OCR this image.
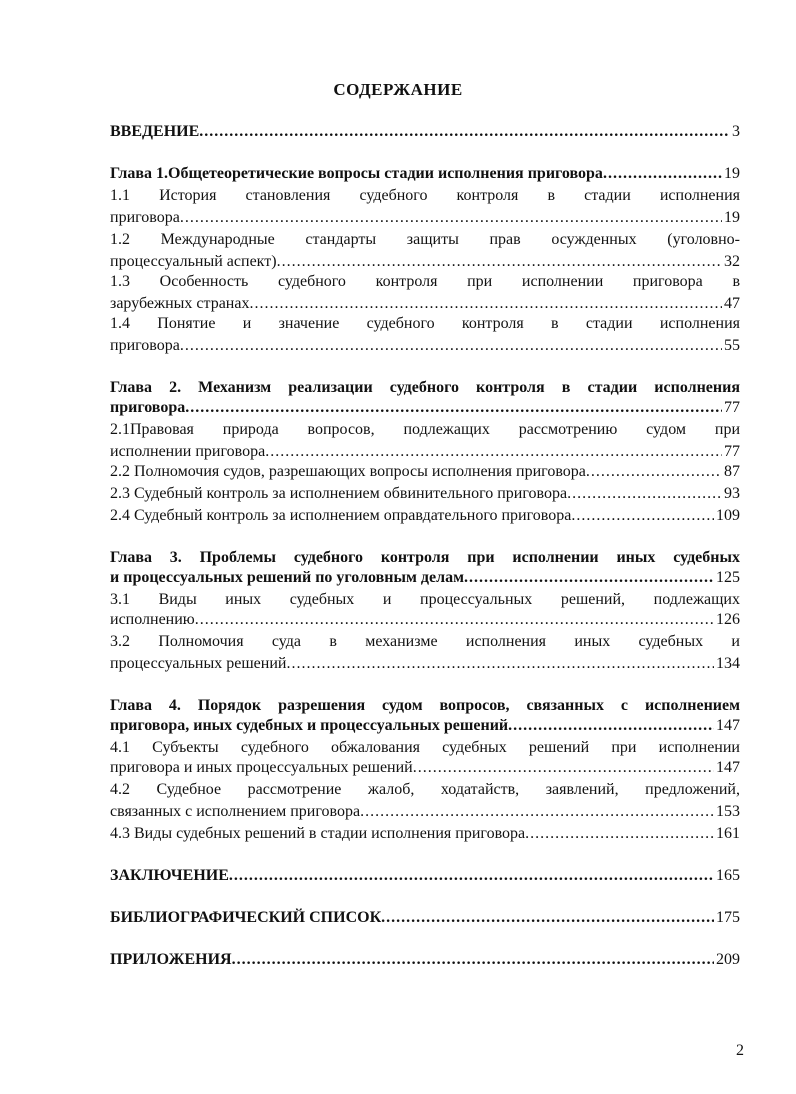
СОДЕРЖАНИЕ
ВВЕДЕНИЕ .....	3
Глава 1.Общетеоретические вопросы стадии исполнения приговора .....	19
1.1 История становления судебного контроля в стадии исполнения
приговора .....	19
1.2 Международные стандарты защиты прав осужденных (уголовно-
процессуальный аспект) .....	32
1.3 Особенность судебного контроля при исполнении приговора в
зарубежных странах .....	47
1.4 Понятие и значение судебного контроля в стадии исполнения
приговора .....	55
Глава 2. Механизм реализации судебного контроля в стадии исполнения
приговора .....	77
2.1Правовая природа вопросов, подлежащих рассмотрению судом при
исполнении приговора .....	77
2.2 Полномочия судов, разрешающих вопросы исполнения приговора .....	87
2.3 Судебный контроль за исполнением обвинительного приговора .....	93
2.4 Судебный контроль за исполнением оправдательного приговора .....	109
Глава 3. Проблемы судебного контроля при исполнении иных судебных
и процессуальных решений по уголовным делам .....	125
3.1 Виды иных судебных и процессуальных решений, подлежащих
исполнению .....	126
3.2 Полномочия суда в механизме исполнения иных судебных и
процессуальных решений .....	134
Глава 4. Порядок разрешения судом вопросов, связанных с исполнением
приговора, иных судебных и процессуальных решений .....	147
4.1 Субъекты судебного обжалования судебных решений при исполнении
приговора и иных процессуальных решений .....	147
4.2 Судебное рассмотрение жалоб, ходатайств, заявлений, предложений,
связанных с исполнением приговора .....	153
4.3 Виды судебных решений в стадии исполнения приговора .....	161
ЗАКЛЮЧЕНИЕ .....	165
БИБЛИОГРАФИЧЕСКИЙ СПИСОК .....	175
ПРИЛОЖЕНИЯ .....	209
2
